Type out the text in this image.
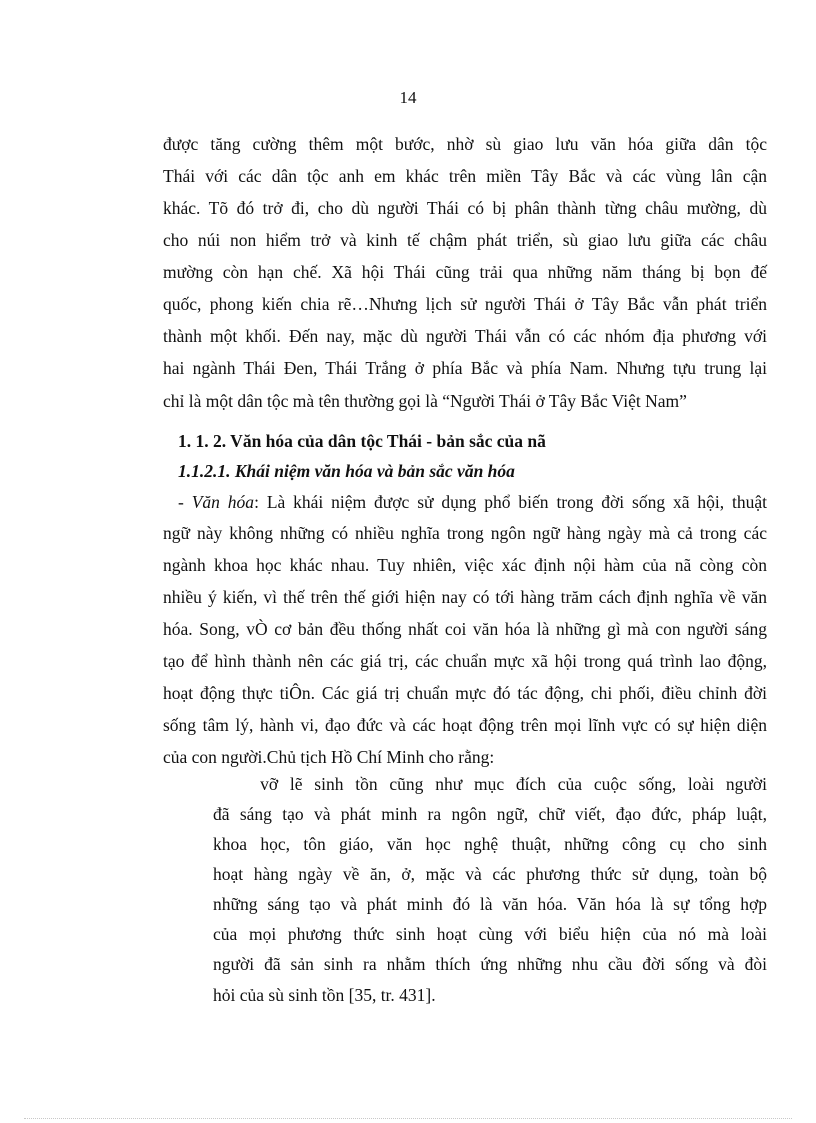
14
được tăng cường thêm một bước, nhờ sù giao lưu văn hóa giữa dân tộc
Thái với các dân tộc anh em khác trên miền Tây Bắc và các vùng lân cận
khác. Tõ đó trở đi, cho dù người Thái có bị phân thành từng châu mường, dù
cho núi non hiểm trở và kinh tế chậm phát triển, sù giao lưu giữa các châu
mường còn hạn chế. Xã hội Thái cũng trải qua những năm tháng bị bọn đế
quốc, phong kiến chia rẽ…Nhưng lịch sử người Thái ở Tây Bắc vẫn phát triển
thành một khối. Đến nay, mặc dù người Thái vẫn có các nhóm địa phương với
hai ngành Thái Đen, Thái Trắng ở phía Bắc và phía Nam. Nhưng tựu trung lại
chỉ là một dân tộc mà tên thường gọi là “Người Thái ở Tây Bắc Việt Nam”
1. 1. 2. Văn hóa của dân tộc Thái - bản sắc của nã
1.1.2.1. Khái niệm văn hóa và bản sắc văn hóa
- Văn hóa: Là khái niệm được sử dụng phổ biến trong đời sống xã hội, thuật
ngữ này không những có nhiều nghĩa trong ngôn ngữ hàng ngày mà cả trong các
ngành khoa học khác nhau. Tuy nhiên, việc xác định nội hàm của nã còng còn
nhiều ý kiến, vì thế trên thế giới hiện nay có tới hàng trăm cách định nghĩa về văn
hóa. Song, vÒ cơ bản đều thống nhất coi văn hóa là những gì mà con người sáng
tạo để hình thành nên các giá trị, các chuẩn mực xã hội trong quá trình lao động,
hoạt động thực tiÔn. Các giá trị chuẩn mực đó tác động, chi phối, điều chỉnh đời
sống tâm lý, hành vi, đạo đức và các hoạt động trên mọi lĩnh vực có sự hiện diện
của con người.Chủ tịch Hồ Chí Minh cho rằng:
vỡ lẽ sinh tồn cũng như mục đích của cuộc sống, loài người
đã sáng tạo và phát minh ra ngôn ngữ, chữ viết, đạo đức, pháp luật,
khoa học, tôn giáo, văn học nghệ thuật, những công cụ cho sinh
hoạt hàng ngày về ăn, ở, mặc và các phương thức sử dụng, toàn bộ
những sáng tạo và phát minh đó là văn hóa. Văn hóa là sự tổng hợp
của mọi phương thức sinh hoạt cùng với biểu hiện của nó mà loài
người đã sản sinh ra nhằm thích ứng những nhu cầu đời sống và đòi
hỏi của sù sinh tồn [35, tr. 431].
